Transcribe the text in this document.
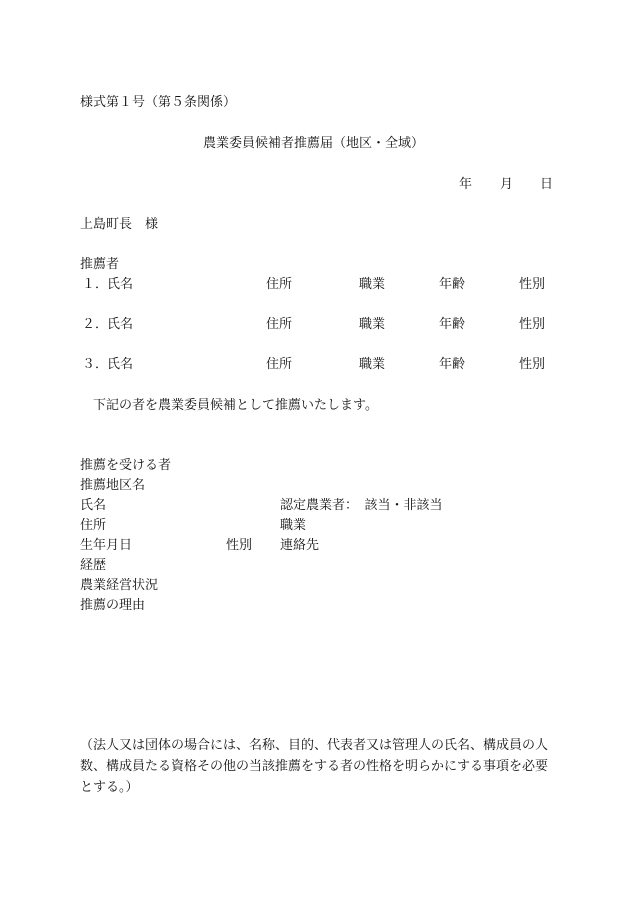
様式第１号（第５条関係）
農業委員候補者推薦届（地区・全域）
年 月 日
上島町長　様
推薦者
１．
氏名	住所	職業	年齢	性別
２．
氏名	住所	職業	年齢	性別
３．
氏名	住所	職業	年齢	性別
下記の者を農業委員候補として推薦いたします。
推薦を受ける者
推薦地区名
氏名	認定農業者：　該当・非該当
住所	職業
生年月日	性別 連絡先
経歴
農業経営状況
推薦の理由
（法人又は団体の場合には、名称、目的、代表者又は管理人の氏名、構成員の人数、構成員たる資格その他の当該推薦をする者の性格を明らかにする事項を必要とする。）
